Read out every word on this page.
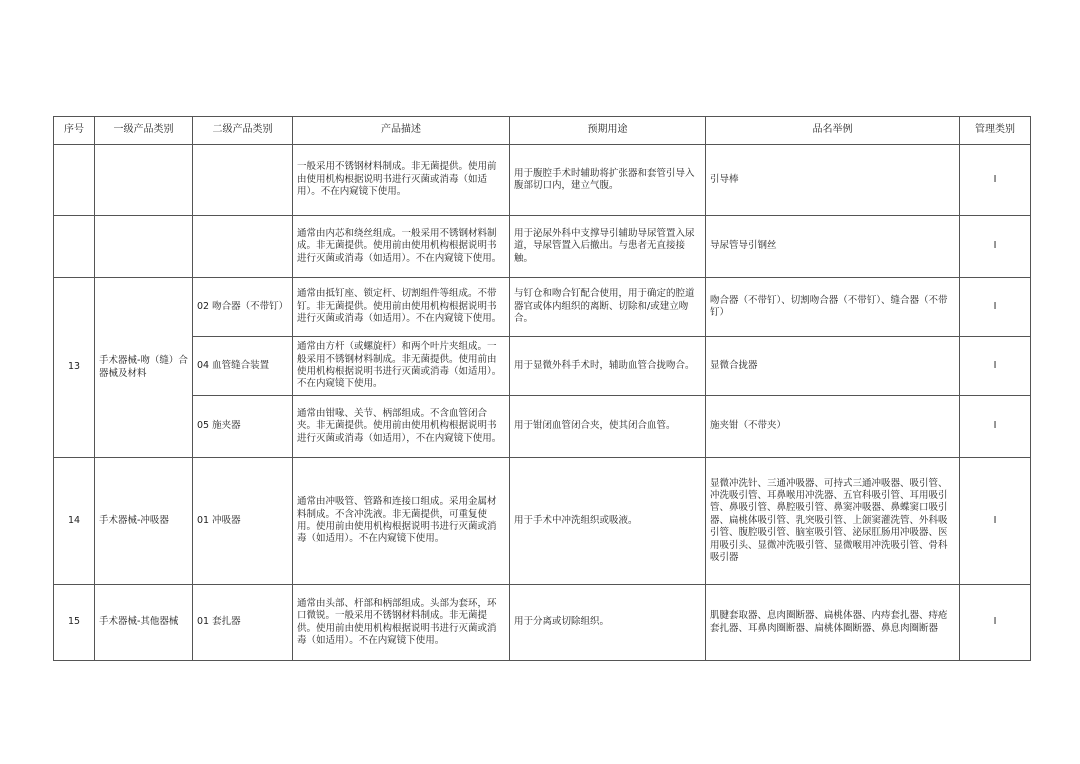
序号	一级产品类别	二级产品类别	产品描述	预期用途	品名举例	管理类别
			一般采用不锈钢材料制成。非无菌提供。使用前由使用机构根据说明书进行灭菌或消毒（如适用）。不在内窥镜下使用。	用于腹腔手术时辅助将扩张器和套管引导入腹部切口内，建立气腹。	引导棒	I
			通常由内芯和绕丝组成。一般采用不锈钢材料制成。非无菌提供。使用前由使用机构根据说明书进行灭菌或消毒（如适用）。不在内窥镜下使用。	用于泌尿外科中支撑导引辅助导尿管置入尿道，导尿管置入后撤出。与患者无直接接触。	导尿管导引钢丝	I
13	手术器械-吻（缝）合器械及材料	02 吻合器（不带钉）	通常由抵钉座、锁定杆、切割组件等组成。不带钉。非无菌提供。使用前由使用机构根据说明书进行灭菌或消毒（如适用）。不在内窥镜下使用。	与钉仓和吻合钉配合使用，用于确定的腔道器官或体内组织的离断、切除和/或建立吻合。	吻合器（不带钉）、切割吻合器（不带钉）、缝合器（不带钉）	I
		04 血管缝合装置	通常由方杆（或螺旋杆）和两个叶片夹组成。一般采用不锈钢材料制成。非无菌提供。使用前由使用机构根据说明书进行灭菌或消毒（如适用）。不在内窥镜下使用。	用于显微外科手术时，辅助血管合拢吻合。	显微合拢器	I
		05 施夹器	通常由钳喙、关节、柄部组成。不含血管闭合夹。非无菌提供。使用前由使用机构根据说明书进行灭菌或消毒（如适用），不在内窥镜下使用。	用于钳闭血管闭合夹，使其闭合血管。	施夹钳（不带夹）	I
14	手术器械-冲吸器	01 冲吸器	通常由冲吸管、管路和连接口组成。采用金属材料制成。不含冲洗液。非无菌提供，可重复使用。使用前由使用机构根据说明书进行灭菌或消毒（如适用）。不在内窥镜下使用。	用于手术中冲洗组织或吸液。	显微冲洗针、三通冲吸器、可持式三通冲吸器、吸引管、冲洗吸引管、耳鼻喉用冲洗器、五官科吸引管、耳用吸引管、鼻吸引管、鼻腔吸引管、鼻窦冲吸器、鼻蝶窦口吸引器、扁桃体吸引管、乳突吸引管、上颌窦灌洗管、外科吸引管、腹腔吸引管、脑室吸引管、泌尿肛肠用冲吸器、医用吸引头、显微冲洗吸引管、显微喉用冲洗吸引管、骨科吸引器	I
15	手术器械-其他器械	01 套扎器	通常由头部、杆部和柄部组成。头部为套环，环口微锐。一般采用不锈钢材料制成。非无菌提供。使用前由使用机构根据说明书进行灭菌或消毒（如适用）。不在内窥镜下使用。	用于分离或切除组织。	肌腱套取器、息肉圈断器、扁桃体器、内痔套扎器、痔疮套扎器、耳鼻肉圈断器、扁桃体圈断器、鼻息肉圈断器	I
